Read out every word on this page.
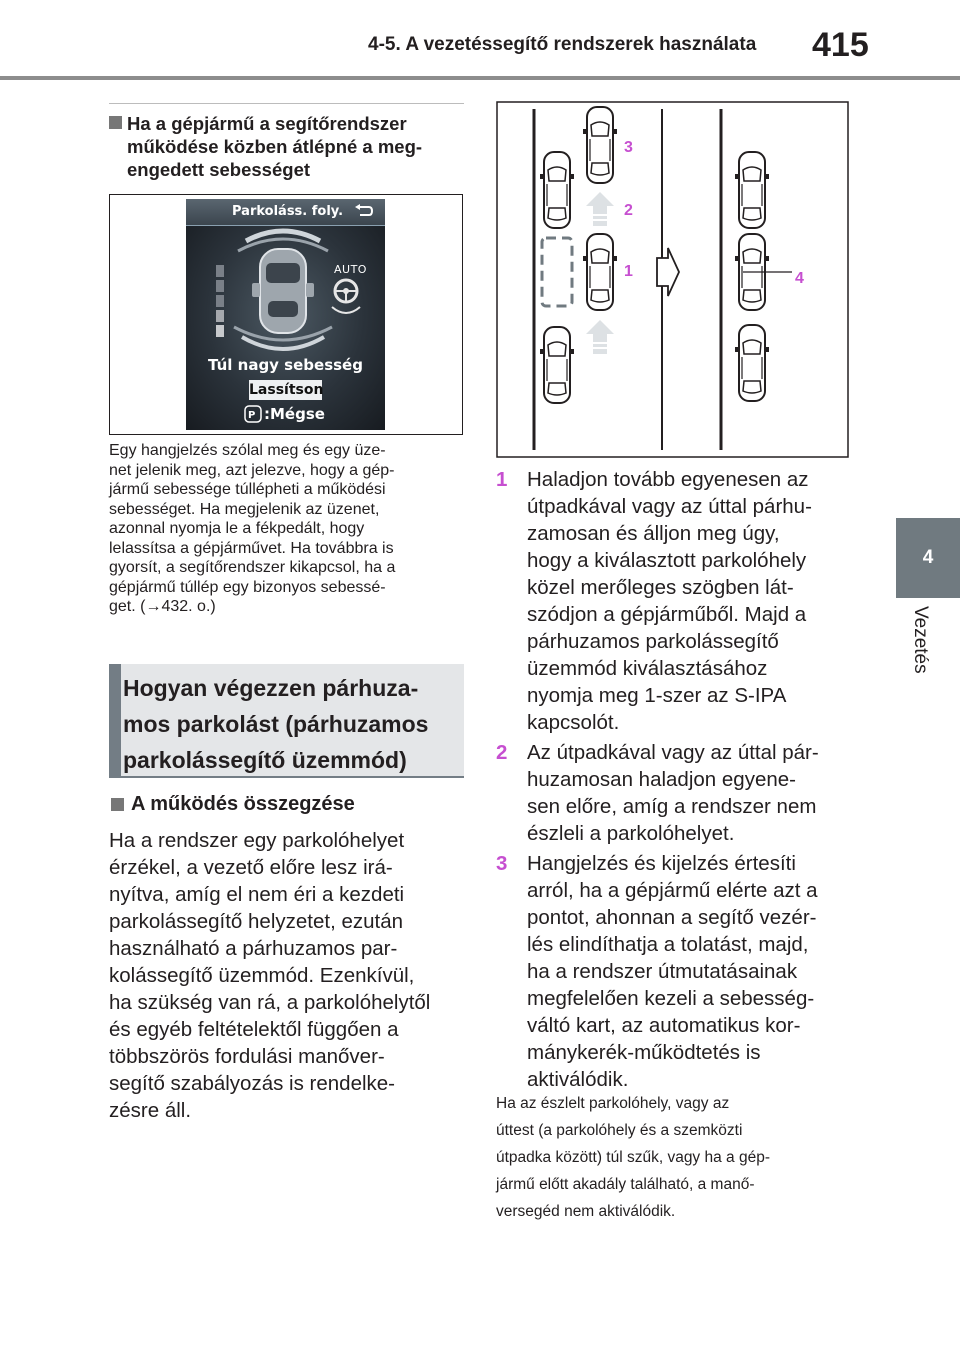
4-5. A vezetéssegítő rendszerek használata 415
4
Vezetés
Ha a gépjármű a segítőrendszer
működése közben átlépné a meg-
engedett sebességet
Parkoláss. foly.
AUTO
Túl nagy sebesség
Lassítson
P :Mégse
Egy hangjelzés szólal meg és egy üze-
net jelenik meg, azt jelezve, hogy a gép-
jármű sebessége túllépheti a működési
sebességet. Ha megjelenik az üzenet,
azonnal nyomja le a fékpedált, hogy
lelassítsa a gépjárművet. Ha továbbra is
gyorsít, a segítőrendszer kikapcsol, ha a
gépjármű túllép egy bizonyos sebessé-
get. (→432. o.)
Hogyan végezzen párhuza-
mos parkolást (párhuzamos
parkolássegítő üzemmód)
A működés összegzése
Ha a rendszer egy parkolóhelyet
érzékel, a vezető előre lesz irá-
nyítva, amíg el nem éri a kezdeti
parkolássegítő helyzetet, ezután
használható a párhuzamos par-
kolássegítő üzemmód. Ezenkívül,
ha szükség van rá, a parkolóhelytől
és egyéb feltételektől függően a
többszörös fordulási manőver-
segítő szabályozás is rendelke-
zésre áll.
3
2
1	4
1 Haladjon tovább egyenesen az
útpadkával vagy az úttal párhu-
zamosan és álljon meg úgy,
hogy a kiválasztott parkolóhely
közel merőleges szögben lát-
szódjon a gépjárműből. Majd a
párhuzamos parkolássegítő
üzemmód kiválasztásához
nyomja meg 1-szer az S-IPA
kapcsolót.
2 Az útpadkával vagy az úttal pár-
huzamosan haladjon egyene-
sen előre, amíg a rendszer nem
észleli a parkolóhelyet.
3 Hangjelzés és kijelzés értesíti
arról, ha a gépjármű elérte azt a
pontot, ahonnan a segítő vezér-
lés elindíthatja a tolatást, majd,
ha a rendszer útmutatásainak
megfelelően kezeli a sebesség-
váltó kart, az automatikus kor-
mánykerék-működtetés is
aktiválódik.
Ha az észlelt parkolóhely, vagy az
úttest (a parkolóhely és a szemközti
útpadka között) túl szűk, vagy ha a gép-
jármű előtt akadály található, a manő-
versegéd nem aktiválódik.
